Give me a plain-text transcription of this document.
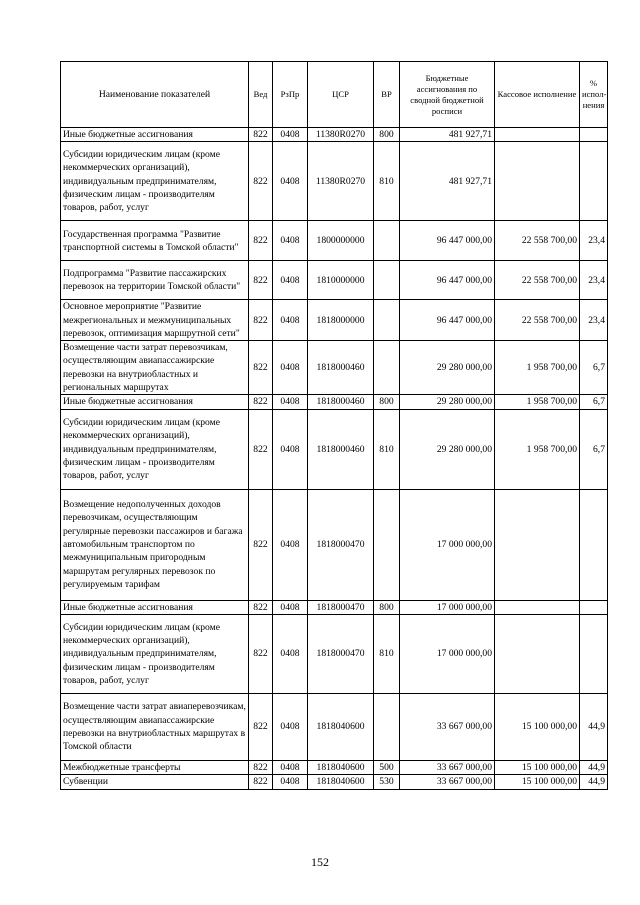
Наименование показателей	Вед	РзПр	ЦСР	ВР	Бюджетные ассигнования по сводной бюджетной росписи	Кассовое исполнение	% испол-нения
Иные бюджетные ассигнования	822	0408	11380R0270	800	481 927,71		
Субсидии юридическим лицам (кроме некоммерческих организаций), индивидуальным предпринимателям, физическим лицам - производителям товаров, работ, услуг	822	0408	11380R0270	810	481 927,71		
Государственная программа "Развитие транспортной системы в Томской области"	822	0408	1800000000		96 447 000,00	22 558 700,00	23,4
Подпрограмма "Развитие пассажирских перевозок на территории Томской области"	822	0408	1810000000		96 447 000,00	22 558 700,00	23,4
Основное мероприятие "Развитие межрегиональных и межмуниципальных перевозок, оптимизация маршрутной сети"	822	0408	1818000000		96 447 000,00	22 558 700,00	23,4
Возмещение части затрат перевозчикам, осуществляющим авиапассажирские перевозки на внутриобластных и региональных маршрутах	822	0408	1818000460		29 280 000,00	1 958 700,00	6,7
Иные бюджетные ассигнования	822	0408	1818000460	800	29 280 000,00	1 958 700,00	6,7
Субсидии юридическим лицам (кроме некоммерческих организаций), индивидуальным предпринимателям, физическим лицам - производителям товаров, работ, услуг	822	0408	1818000460	810	29 280 000,00	1 958 700,00	6,7
Возмещение недополученных доходов перевозчикам, осуществляющим регулярные перевозки пассажиров и багажа автомобильным транспортом по межмуниципальным пригородным маршрутам регулярных перевозок по регулируемым тарифам	822	0408	1818000470		17 000 000,00		
Иные бюджетные ассигнования	822	0408	1818000470	800	17 000 000,00		
Субсидии юридическим лицам (кроме некоммерческих организаций), индивидуальным предпринимателям, физическим лицам - производителям товаров, работ, услуг	822	0408	1818000470	810	17 000 000,00		
Возмещение части затрат авиаперевозчикам, осуществляющим авиапассажирские перевозки на внутриобластных маршрутах в Томской области	822	0408	1818040600		33 667 000,00	15 100 000,00	44,9
Межбюджетные трансферты	822	0408	1818040600	500	33 667 000,00	15 100 000,00	44,9
Субвенции	822	0408	1818040600	530	33 667 000,00	15 100 000,00	44,9
152
